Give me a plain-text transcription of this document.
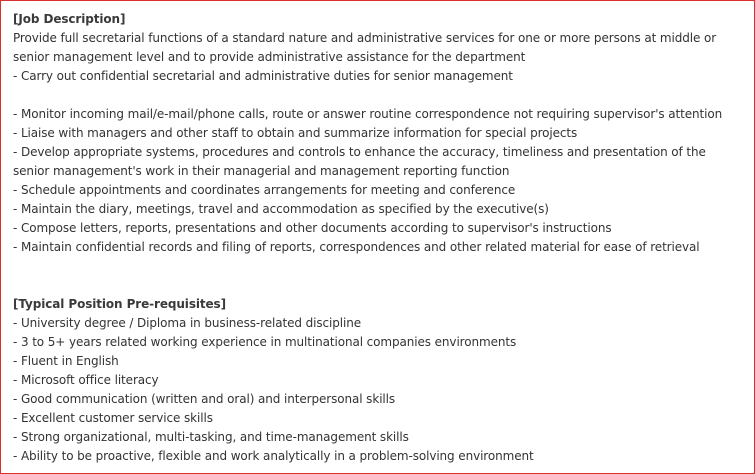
[Job Description]
Provide full secretarial functions of a standard nature and administrative services for one or more persons at middle or
senior management level and to provide administrative assistance for the department
- Carry out confidential secretarial and administrative duties for senior management
- Monitor incoming mail/e-mail/phone calls, route or answer routine correspondence not requiring supervisor's attention
- Liaise with managers and other staff to obtain and summarize information for special projects
- Develop appropriate systems, procedures and controls to enhance the accuracy, timeliness and presentation of the
senior management's work in their managerial and management reporting function
- Schedule appointments and coordinates arrangements for meeting and conference
- Maintain the diary, meetings, travel and accommodation as specified by the executive(s)
- Compose letters, reports, presentations and other documents according to supervisor's instructions
- Maintain confidential records and filing of reports, correspondences and other related material for ease of retrieval
[Typical Position Pre-requisites]
- University degree / Diploma in business-related discipline
- 3 to 5+ years related working experience in multinational companies environments
- Fluent in English
- Microsoft office literacy
- Good communication (written and oral) and interpersonal skills
- Excellent customer service skills
- Strong organizational, multi-tasking, and time-management skills
- Ability to be proactive, flexible and work analytically in a problem-solving environment
